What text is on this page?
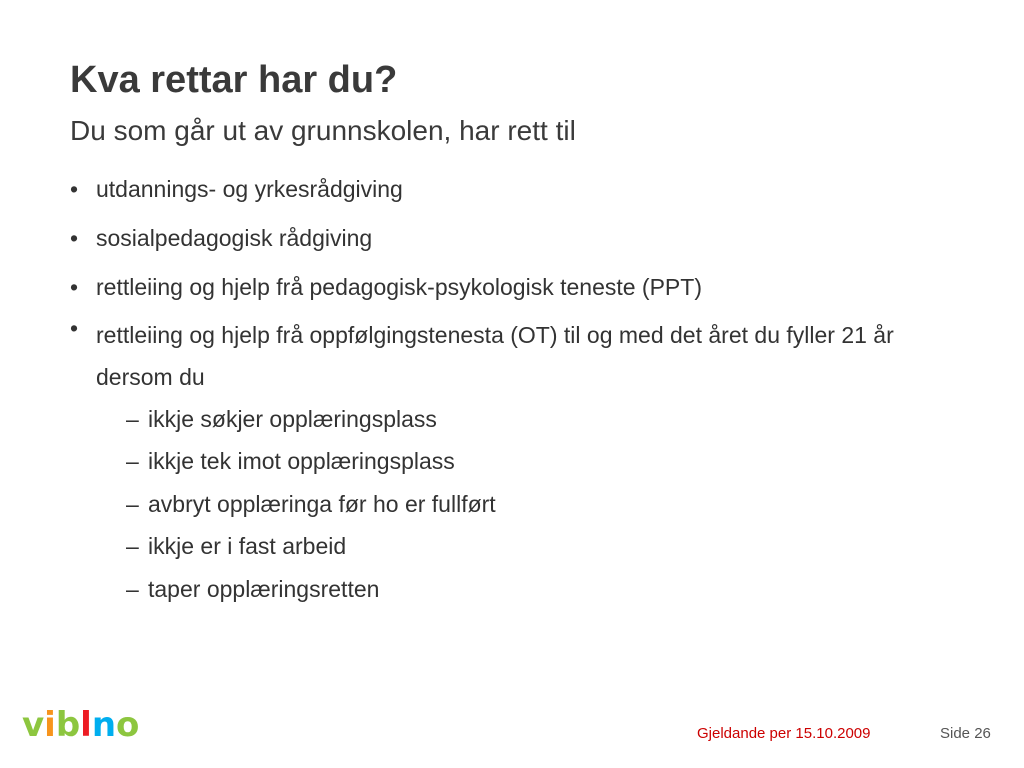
Kva rettar har du?
Du som går ut av grunnskolen, har rett til
• utdannings- og yrkesrådgiving
• sosialpedagogisk rådgiving
• rettleiing og hjelp frå pedagogisk-psykologisk teneste (PPT)
• rettleiing og hjelp frå oppfølgingstenesta (OT) til og med det året du fyller 21 år dersom du
– ikkje søkjer opplæringsplass
– ikkje tek imot opplæringsplass
– avbryt opplæringa før ho er fullført
– ikkje er i fast arbeid
– taper opplæringsretten
viblno	Gjeldande per 15.10.2009	Side 26
